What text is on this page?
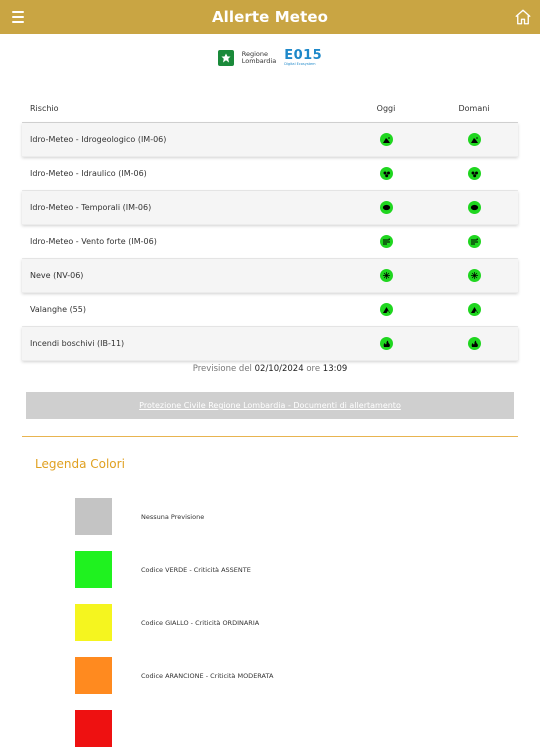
Allerte Meteo
Regione
Lombardia E015
Digital Ecosystem
Rischio	Oggi	Domani
Idro-Meteo - Idrogeologico (IM-06)
Idro-Meteo - Idraulico (IM-06)
Idro-Meteo - Temporali (IM-06)
Idro-Meteo - Vento forte (IM-06)
Neve (NV-06)
Valanghe (55)
Incendi boschivi (IB-11)
Previsione del 02/10/2024 ore 13:09
Protezione Civile Regione Lombardia - Documenti di allertamento
Legenda Colori
Nessuna Previsione
Codice VERDE - Criticità ASSENTE
Codice GIALLO - Criticità ORDINARIA
Codice ARANCIONE - Criticità MODERATA
